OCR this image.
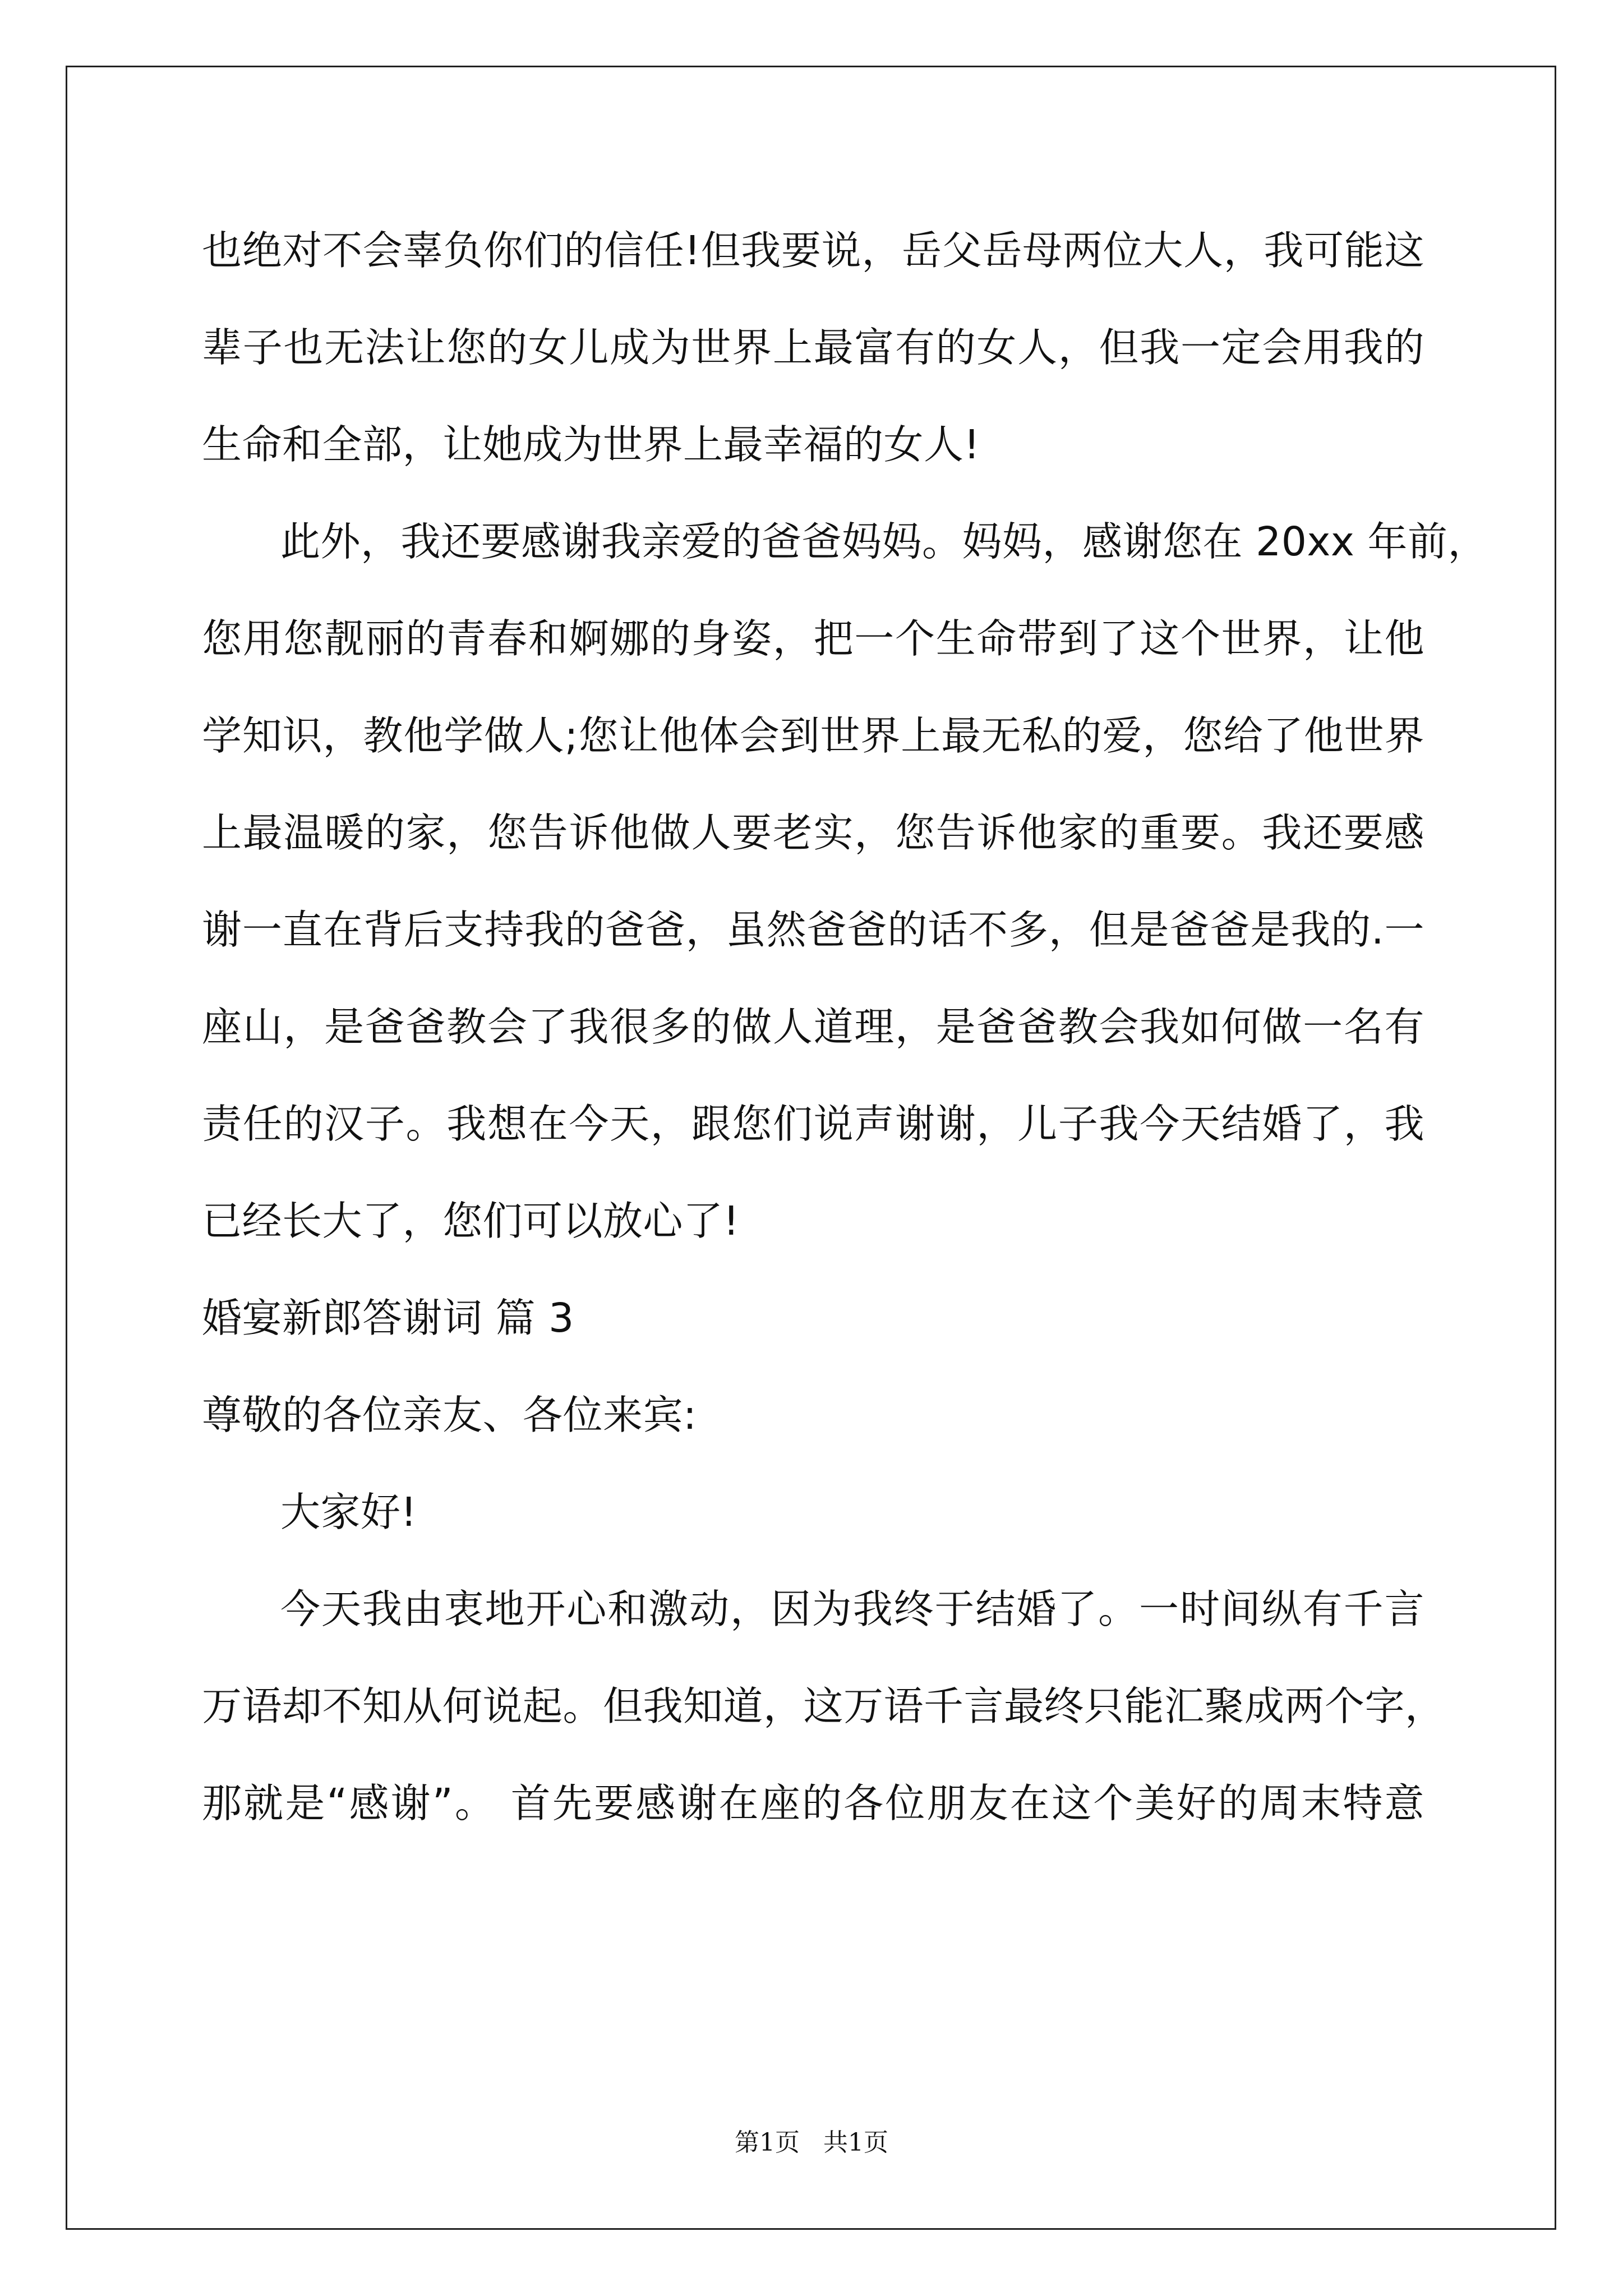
也绝对不会辜负你们的信任!但我要说，岳父岳母两位大人，我可能这
辈子也无法让您的女儿成为世界上最富有的女人，但我一定会用我的
生命和全部，让她成为世界上最幸福的女人!
此外，我还要感谢我亲爱的爸爸妈妈。妈妈，感谢您在 20xx 年前，
您用您靓丽的青春和婀娜的身姿，把一个生命带到了这个世界，让他
学知识，教他学做人;您让他体会到世界上最无私的爱，您给了他世界
上最温暖的家，您告诉他做人要老实，您告诉他家的重要。我还要感
谢一直在背后支持我的爸爸，虽然爸爸的话不多，但是爸爸是我的.一
座山，是爸爸教会了我很多的做人道理，是爸爸教会我如何做一名有
责任的汉子。我想在今天，跟您们说声谢谢，儿子我今天结婚了，我
已经长大了，您们可以放心了!
婚宴新郎答谢词 篇 3
尊敬的各位亲友、各位来宾:
大家好!
今天我由衷地开心和激动，因为我终于结婚了。一时间纵有千言
万语却不知从何说起。但我知道，这万语千言最终只能汇聚成两个字，
那就是“感谢”。 首先要感谢在座的各位朋友在这个美好的周末特意
第1页 共1页
